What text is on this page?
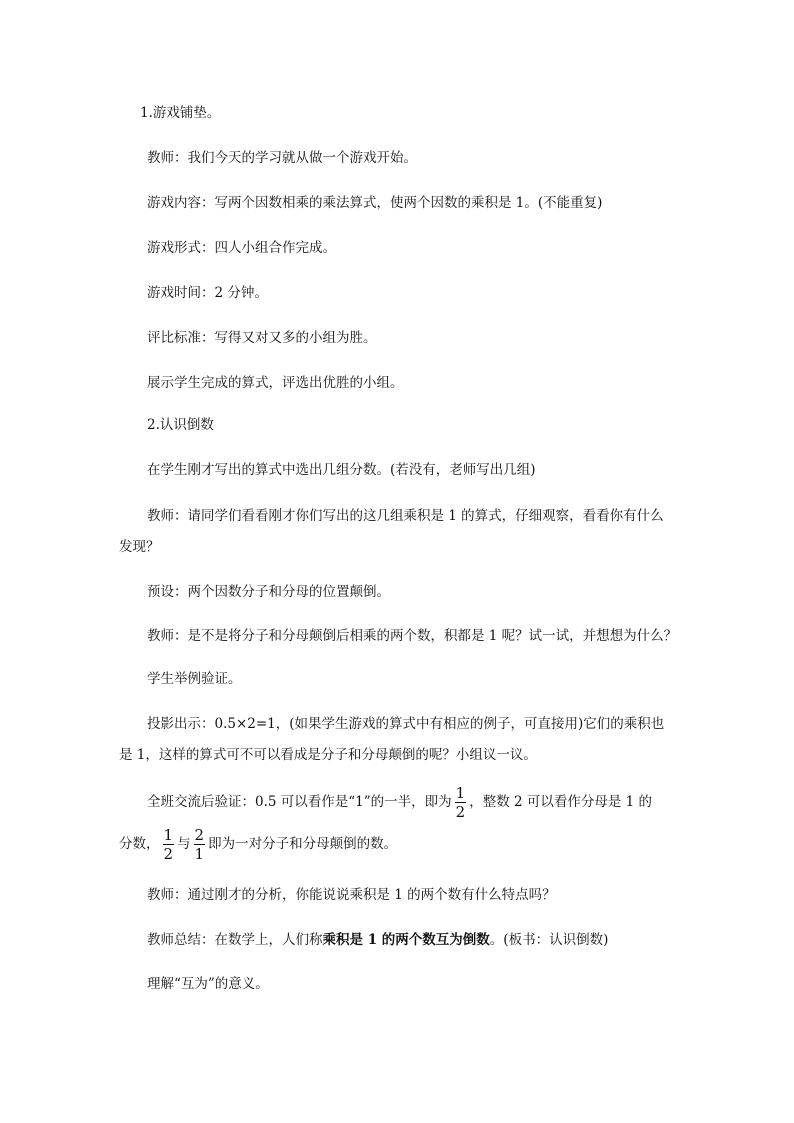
1.游戏铺垫。
教师：我们今天的学习就从做一个游戏开始。
游戏内容：写两个因数相乘的乘法算式，使两个因数的乘积是 1。(不能重复)
游戏形式：四人小组合作完成。
游戏时间：2 分钟。
评比标准：写得又对又多的小组为胜。
展示学生完成的算式，评选出优胜的小组。
2.认识倒数
在学生刚才写出的算式中选出几组分数。(若没有，老师写出几组)
教师：请同学们看看刚才你们写出的这几组乘积是 1 的算式，仔细观察，看看你有什么
发现？
预设：两个因数分子和分母的位置颠倒。
教师：是不是将分子和分母颠倒后相乘的两个数，积都是 1 呢？试一试，并想想为什么？
学生举例验证。
投影出示：0.5×2=1，(如果学生游戏的算式中有相应的例子，可直接用)它们的乘积也
是 1，这样的算式可不可以看成是分子和分母颠倒的呢？小组议一议。
全班交流后验证：0.5 可以看作是“1”的一半，即为 $\frac{1}{2}$ ，整数 2 可以看作分母是 1 的
分数， $\frac{1}{2}$ 与 $\frac{2}{1}$ 即为一对分子和分母颠倒的数。
教师：通过刚才的分析，你能说说乘积是 1 的两个数有什么特点吗？
教师总结：在数学上，人们称乘积是 1 的两个数互为倒数。(板书：认识倒数)
理解“互为”的意义。
